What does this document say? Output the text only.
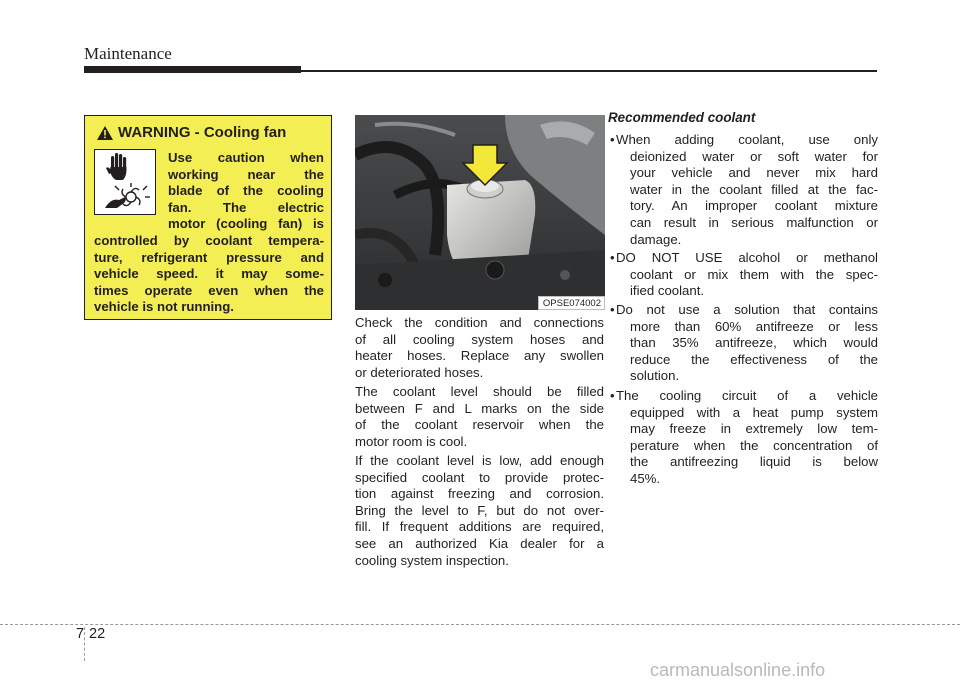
Maintenance
WARNING - Cooling fan
Use caution when
working near the
blade of the cooling
fan. The electric
motor (cooling fan) is
controlled by coolant tempera-
ture, refrigerant pressure and
vehicle speed. it may some-
times operate even when the
vehicle is not running.	OPSE074002
Check the condition and connections
of all cooling system hoses and
heater hoses. Replace any swollen
or deteriorated hoses.
The coolant level should be filled
between F and L marks on the side
of the coolant reservoir when the
motor room is cool.
If the coolant level is low, add enough
specified coolant to provide protec-
tion against freezing and corrosion.
Bring the level to F, but do not over-
fill. If frequent additions are required,
see an authorized Kia dealer for a
cooling system inspection.
Recommended coolant
• When adding coolant, use only
deionized water or soft water for
your vehicle and never mix hard
water in the coolant filled at the fac-
tory. An improper coolant mixture
can result in serious malfunction or
damage.
• DO NOT USE alcohol or methanol
coolant or mix them with the spec-
ified coolant.
• Do not use a solution that contains
more than 60% antifreeze or less
than 35% antifreeze, which would
reduce the effectiveness of the
solution.
• The cooling circuit of a vehicle
equipped with a heat pump system
may freeze in extremely low tem-
perature when the concentration of
the antifreezing liquid is below
45%.
7 22
carmanualsonline.info
